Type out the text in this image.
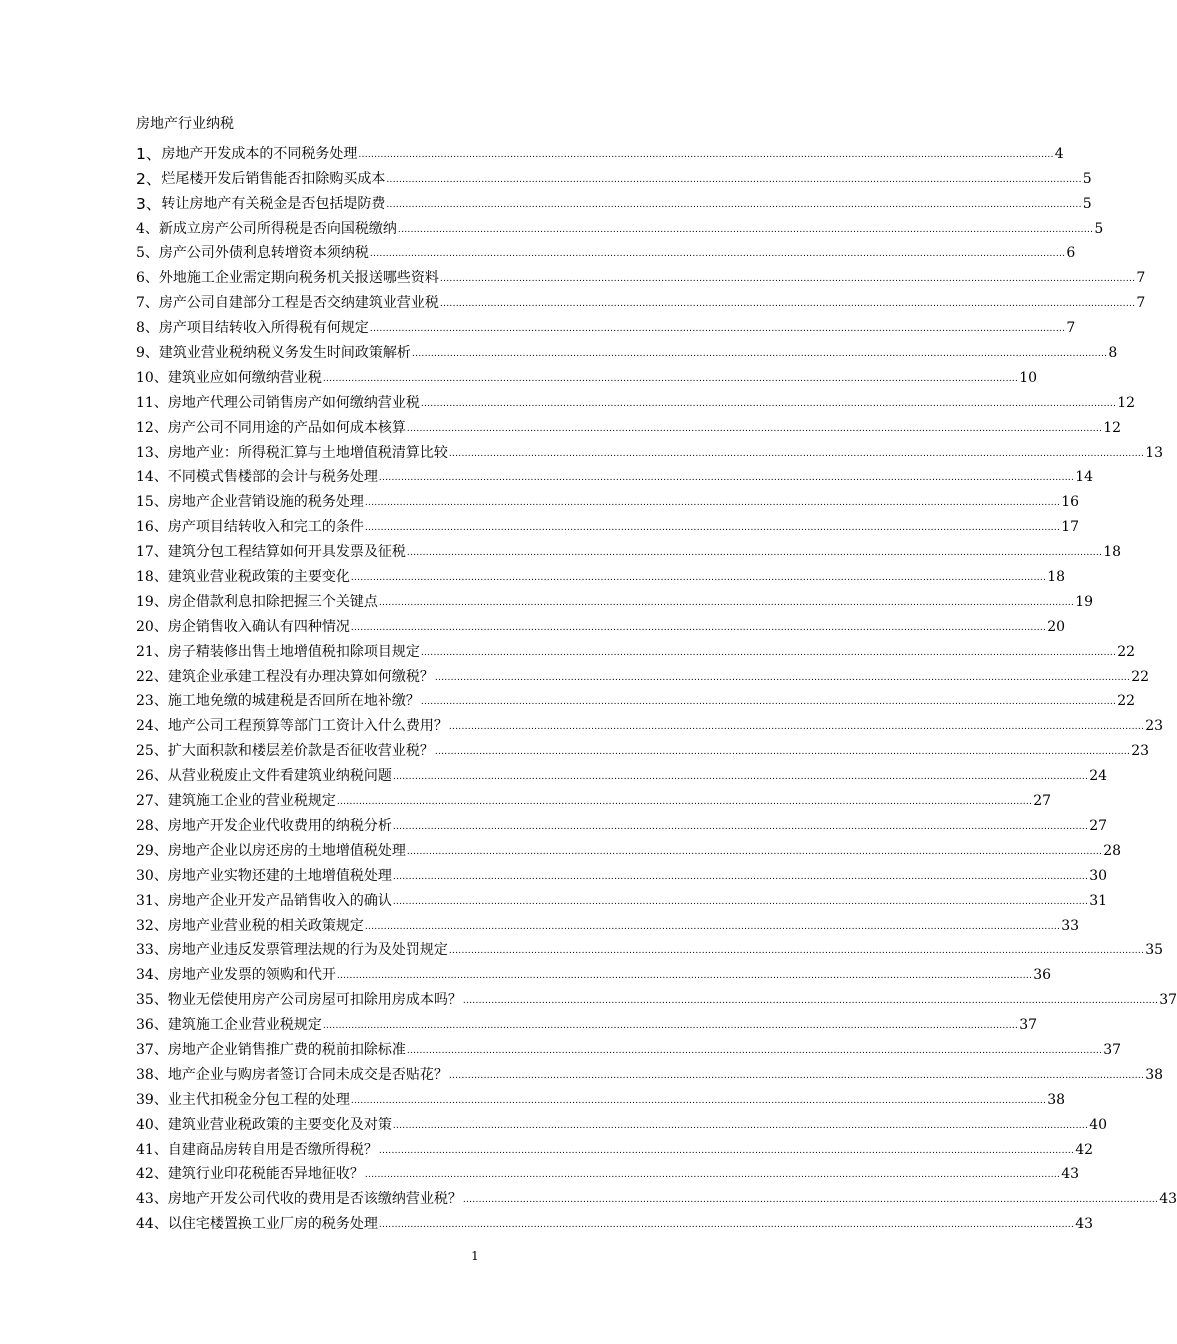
房地产行业纳税
1、 房地产开发成本的不同税务处理 ............................................................................................................................................................................................................................ 4
2、 烂尾楼开发后销售能否扣除购买成本 ............................................................................................................................................................................................................................ 5
3、 转让房地产有关税金是否包括堤防费 ............................................................................................................................................................................................................................ 5
4、 新成立房产公司所得税是否向国税缴纳 ............................................................................................................................................................................................................................ 5
5、 房产公司外债利息转增资本须纳税 ............................................................................................................................................................................................................................ 6
6、 外地施工企业需定期向税务机关报送哪些资料 ............................................................................................................................................................................................................................ 7
7、 房产公司自建部分工程是否交纳建筑业营业税 ............................................................................................................................................................................................................................ 7
8、 房产项目结转收入所得税有何规定 ............................................................................................................................................................................................................................ 7
9、 建筑业营业税纳税义务发生时间政策解析 ............................................................................................................................................................................................................................ 8
10、 建筑业应如何缴纳营业税 ............................................................................................................................................................................................................................ 10
11、 房地产代理公司销售房产如何缴纳营业税 ............................................................................................................................................................................................................................ 12
12、 房产公司不同用途的产品如何成本核算 ............................................................................................................................................................................................................................ 12
13、 房地产业：所得税汇算与土地增值税清算比较 ............................................................................................................................................................................................................................ 13
14、 不同模式售楼部的会计与税务处理 ............................................................................................................................................................................................................................ 14
15、 房地产企业营销设施的税务处理 ............................................................................................................................................................................................................................ 16
16、 房产项目结转收入和完工的条件 ............................................................................................................................................................................................................................ 17
17、 建筑分包工程结算如何开具发票及征税 ............................................................................................................................................................................................................................ 18
18、 建筑业营业税政策的主要变化 ............................................................................................................................................................................................................................ 18
19、 房企借款利息扣除把握三个关键点 ............................................................................................................................................................................................................................ 19
20、 房企销售收入确认有四种情况 ............................................................................................................................................................................................................................ 20
21、 房子精装修出售土地增值税扣除项目规定 ............................................................................................................................................................................................................................ 22
22、 建筑企业承建工程没有办理决算如何缴税？ ............................................................................................................................................................................................................................ 22
23、 施工地免缴的城建税是否回所在地补缴？ ............................................................................................................................................................................................................................ 22
24、 地产公司工程预算等部门工资计入什么费用？ ............................................................................................................................................................................................................................ 23
25、 扩大面积款和楼层差价款是否征收营业税？ ............................................................................................................................................................................................................................ 23
26、 从营业税废止文件看建筑业纳税问题 ............................................................................................................................................................................................................................ 24
27、 建筑施工企业的营业税规定 ............................................................................................................................................................................................................................ 27
28、 房地产开发企业代收费用的纳税分析 ............................................................................................................................................................................................................................ 27
29、 房地产企业以房还房的土地增值税处理 ............................................................................................................................................................................................................................ 28
30、 房地产业实物还建的土地增值税处理 ............................................................................................................................................................................................................................ 30
31、 房地产企业开发产品销售收入的确认 ............................................................................................................................................................................................................................ 31
32、 房地产业营业税的相关政策规定 ............................................................................................................................................................................................................................ 33
33、 房地产业违反发票管理法规的行为及处罚规定 ............................................................................................................................................................................................................................ 35
34、 房地产业发票的领购和代开 ............................................................................................................................................................................................................................ 36
35、 物业无偿使用房产公司房屋可扣除用房成本吗？ ............................................................................................................................................................................................................................ 37
36、 建筑施工企业营业税规定 ............................................................................................................................................................................................................................ 37
37、 房地产企业销售推广费的税前扣除标准 ............................................................................................................................................................................................................................ 37
38、 地产企业与购房者签订合同未成交是否贴花？ ............................................................................................................................................................................................................................ 38
39、 业主代扣税金分包工程的处理 ............................................................................................................................................................................................................................ 38
40、 建筑业营业税政策的主要变化及对策 ............................................................................................................................................................................................................................ 40
41、 自建商品房转自用是否缴所得税？ ............................................................................................................................................................................................................................ 42
42、 建筑行业印花税能否异地征收？ ............................................................................................................................................................................................................................ 43
43、 房地产开发公司代收的费用是否该缴纳营业税？ ............................................................................................................................................................................................................................ 43
44、 以住宅楼置换工业厂房的税务处理 ............................................................................................................................................................................................................................ 43
1
